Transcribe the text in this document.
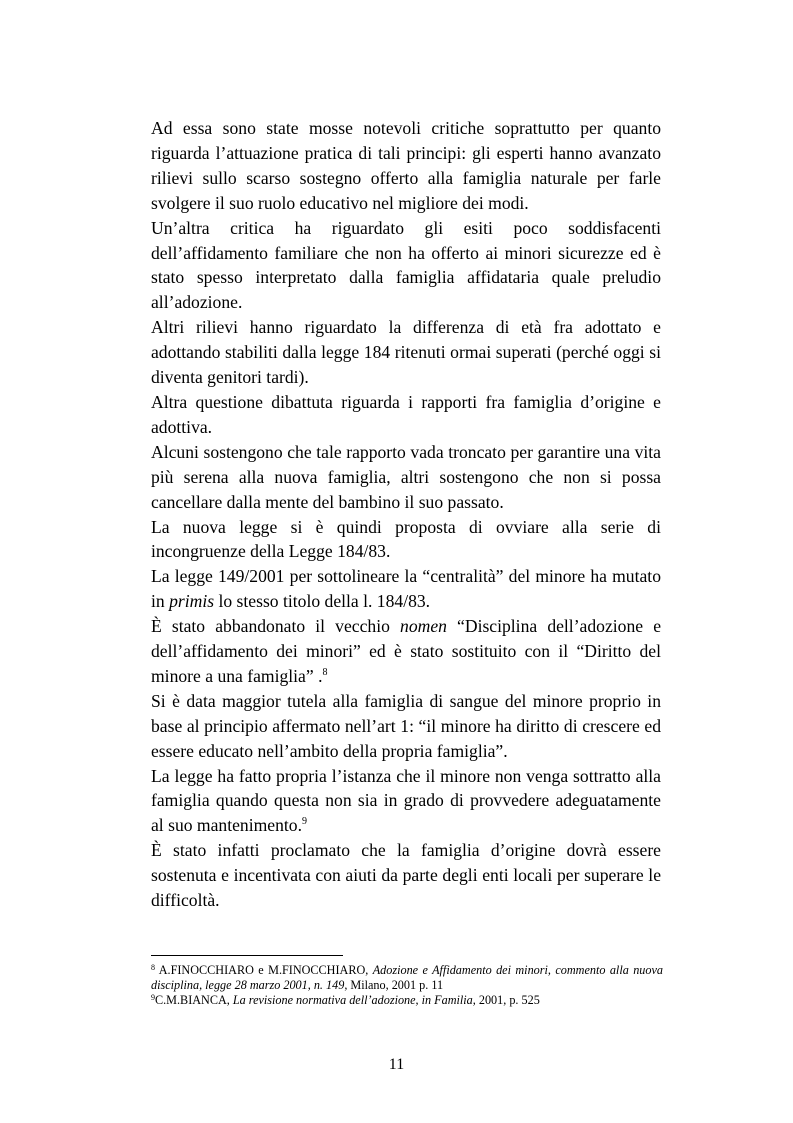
Ad essa sono state mosse notevoli critiche soprattutto per quanto riguarda l’attuazione pratica di tali principi: gli esperti hanno avanzato rilievi sullo scarso sostegno offerto alla famiglia naturale per farle svolgere il suo ruolo educativo nel migliore dei modi.

Un’altra critica ha riguardato gli esiti poco soddisfacenti dell’affidamento familiare che non ha offerto ai minori sicurezze ed è stato spesso interpretato dalla famiglia affidataria quale preludio all’adozione.

Altri rilievi hanno riguardato la differenza di età fra adottato e adottando stabiliti dalla legge 184 ritenuti ormai superati (perché oggi si diventa genitori tardi).

Altra questione dibattuta riguarda i rapporti fra famiglia d’origine e adottiva.

Alcuni sostengono che tale rapporto vada troncato per garantire una vita più serena alla nuova famiglia, altri sostengono che non si possa cancellare dalla mente del bambino il suo passato.

La nuova legge si è quindi proposta di ovviare alla serie di incongruenze della Legge 184/83.

La legge 149/2001 per sottolineare la “centralità” del minore ha mutato in primis lo stesso titolo della l. 184/83.

È stato abbandonato il vecchio nomen “Disciplina dell’adozione e dell’affidamento dei minori” ed è stato sostituito con il “Diritto del minore a una famiglia” .$^8$

Si è data maggior tutela alla famiglia di sangue del minore proprio in base al principio affermato nell’art 1: “il minore ha diritto di crescere ed essere educato nell’ambito della propria famiglia”.

La legge ha fatto propria l’istanza che il minore non venga sottratto alla famiglia quando questa non sia in grado di provvedere adeguatamente al suo mantenimento.$^9$

È stato infatti proclamato che la famiglia d’origine dovrà essere sostenuta e incentivata con aiuti da parte degli enti locali per superare le difficoltà.

$^8$ A.FINOCCHIARO e M.FINOCCHIARO, Adozione e Affidamento dei minori, commento alla nuova disciplina, legge 28 marzo 2001, n. 149, Milano, 2001 p. 11

$^9$C.M.BIANCA, La revisione normativa dell’adozione, in Familia, 2001, p. 525

11
